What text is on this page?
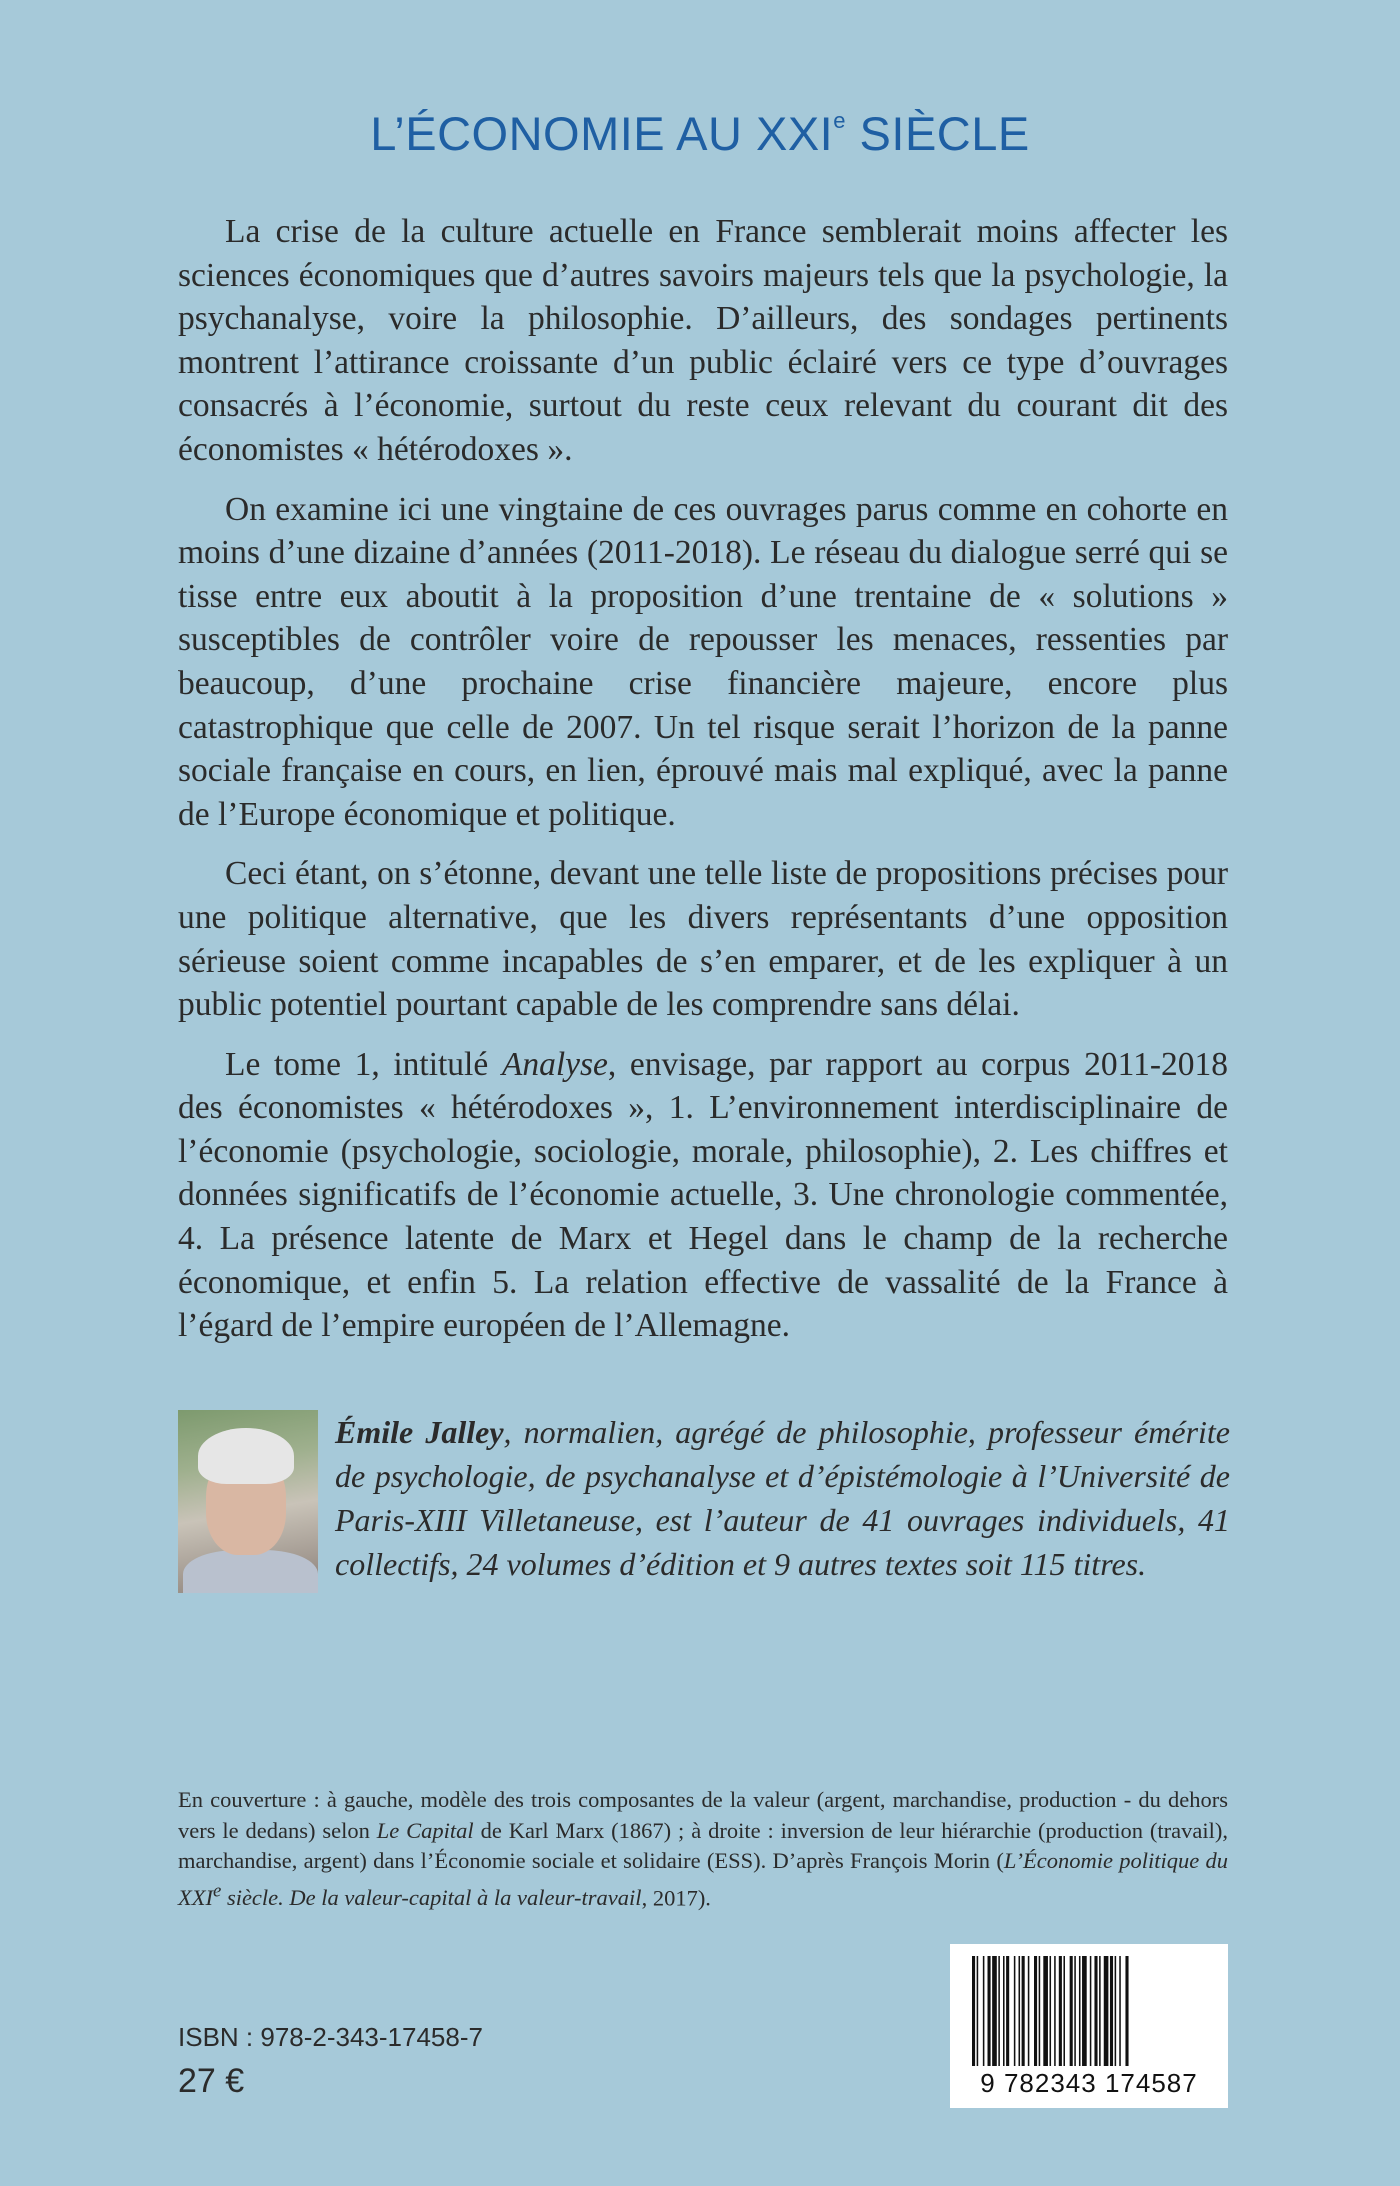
L’ÉCONOMIE AU XXIe SIÈCLE

La crise de la culture actuelle en France semblerait moins affecter les sciences économiques que d’autres savoirs majeurs tels que la psychologie, la psychanalyse, voire la philosophie. D’ailleurs, des sondages pertinents montrent l’attirance croissante d’un public éclairé vers ce type d’ouvrages consacrés à l’économie, surtout du reste ceux relevant du courant dit des économistes « hétérodoxes ».

On examine ici une vingtaine de ces ouvrages parus comme en cohorte en moins d’une dizaine d’années (2011-2018). Le réseau du dialogue serré qui se tisse entre eux aboutit à la proposition d’une trentaine de « solutions » susceptibles de contrôler voire de repousser les menaces, ressenties par beaucoup, d’une prochaine crise financière majeure, encore plus catastrophique que celle de 2007. Un tel risque serait l’horizon de la panne sociale française en cours, en lien, éprouvé mais mal expliqué, avec la panne de l’Europe économique et politique.

Ceci étant, on s’étonne, devant une telle liste de propositions précises pour une politique alternative, que les divers représentants d’une opposition sérieuse soient comme incapables de s’en emparer, et de les expliquer à un public potentiel pourtant capable de les comprendre sans délai.

Le tome 1, intitulé Analyse, envisage, par rapport au corpus 2011-2018 des économistes « hétérodoxes », 1. L’environnement interdisciplinaire de l’économie (psychologie, sociologie, morale, philosophie), 2. Les chiffres et données significatifs de l’économie actuelle, 3. Une chronologie commentée, 4. La présence latente de Marx et Hegel dans le champ de la recherche économique, et enfin 5. La relation effective de vassalité de la France à l’égard de l’empire européen de l’Allemagne.

Émile Jalley, normalien, agrégé de philosophie, professeur émérite de psychologie, de psychanalyse et d’épistémologie à l’Université de Paris-XIII Villetaneuse, est l’auteur de 41 ouvrages individuels, 41 collectifs, 24 volumes d’édition et 9 autres textes soit 115 titres.
En couverture : à gauche, modèle des trois composantes de la valeur (argent, marchandise, production - du dehors vers le dedans) selon Le Capital de Karl Marx (1867) ; à droite : inversion de leur hiérarchie (production (travail), marchandise, argent) dans l’Économie sociale et solidaire (ESS). D’après François Morin (L’Économie politique du XXIe siècle. De la valeur-capital à la valeur-travail, 2017).
9 782343 174587
ISBN : 978-2-343-17458-7
27 €
